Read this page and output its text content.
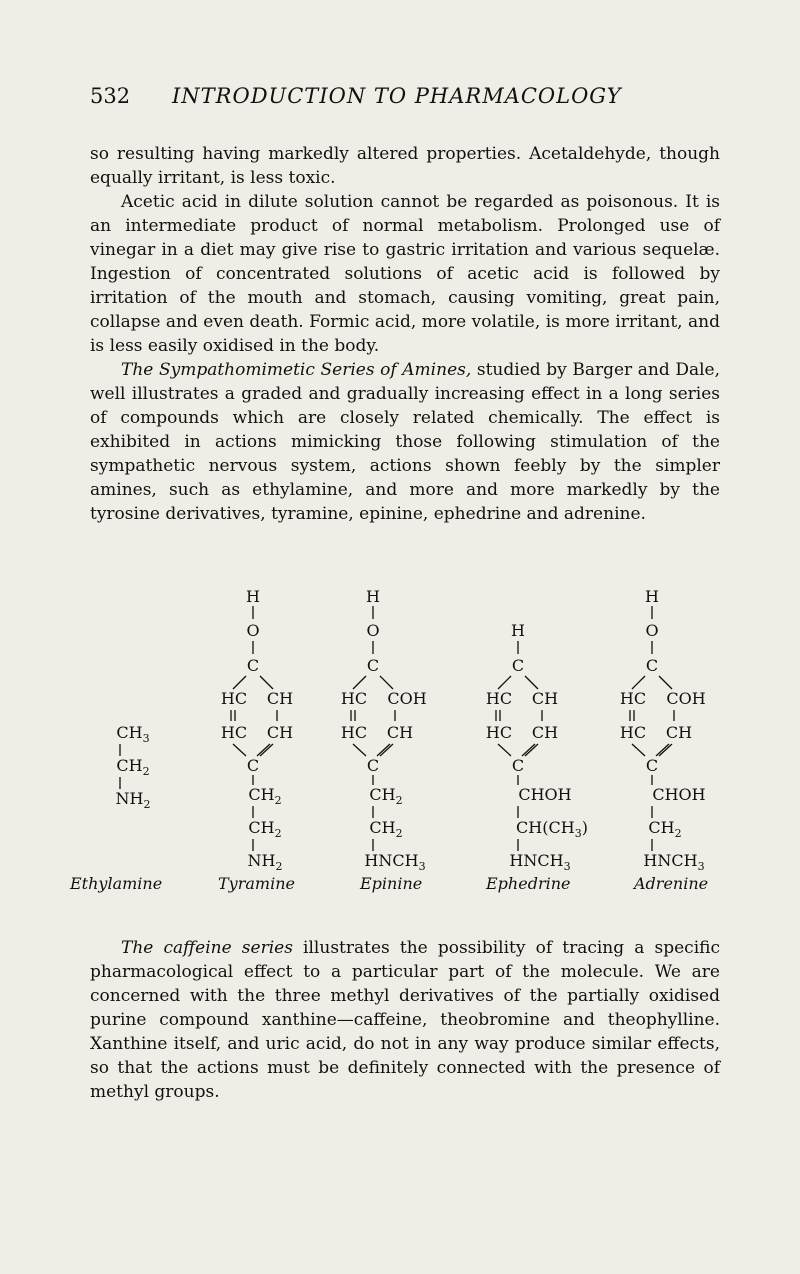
532 INTRODUCTION TO PHARMACOLOGY

so resulting having markedly altered properties. Acetaldehyde, though equally irritant, is less toxic.

Acetic acid in dilute solution cannot be regarded as poisonous. It is an intermediate product of normal metabolism. Prolonged use of vinegar in a diet may give rise to gastric irritation and various sequelæ. Ingestion of concentrated solutions of acetic acid is followed by irritation of the mouth and stomach, causing vomiting, great pain, collapse and even death. Formic acid, more volatile, is more irritant, and is less easily oxidised in the body.

The Sympathomimetic Series of Amines, studied by Barger and Dale, well illustrates a graded and gradually increasing effect in a long series of compounds which are closely related chemically. The effect is exhibited in actions mimicking those following stimulation of the sympathetic nervous system, actions shown feebly by the simpler amines, such as ethylamine, and more and more markedly by the tyrosine derivatives, tyramine, epinine, ephedrine and adrenine.

H
O
C
HC CH
HC CH
C
H
O
C
HC COH
HC CH
C
H
C
HC CH
HC CH
C
H
O
C
HC COH
HC CH
C
$CH_3$
$CH_2$
$NH_2$
$CH_2$
$CH_2$
$NH_2$
$CH_2$
$CH_2$
$HNCH_3$
CHOH
$CH(CH_3)$
$HNCH_3$
CHOH
$CH_2$
$HNCH_3$
Ethylamine	Tyramine	Epinine	Ephedrine	Adrenine

The caffeine series illustrates the possibility of tracing a specific pharmacological effect to a particular part of the molecule. We are concerned with the three methyl derivatives of the partially oxidised purine compound xanthine—caffeine, theobromine and theophylline. Xanthine itself, and uric acid, do not in any way produce similar effects, so that the actions must be definitely connected with the presence of methyl groups.
